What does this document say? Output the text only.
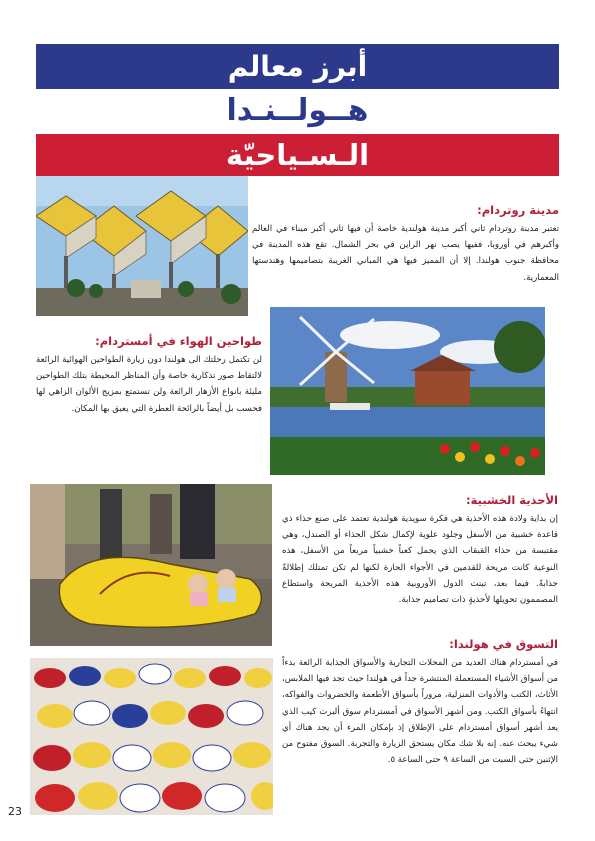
أبرز معالم
هــولــنـدا
الـسـياحيّة
مدينة روتردام:

تعتبر مدينة روتردام ثاني أكبر مدينة هولندية خاصة أن فيها ثاني أكبر ميناء في العالم وأكبرهم في أوروبا، ففيها يصب نهر الراين في بحر الشمال. تقع هذه المدينة في محافظة جنوب هولندا. إلا أن المميز فيها هي المباني الغريبة بتصاميمها وهندستها المعمارية.

طواحين الهواء في أمستردام:

لن تكتمل رحلتك الى هولندا دون زيارة الطواحين الهوائية الرائعة لالتقاط صور تذكارية خاصة وأن المناظر المحيطة بتلك الطواحين مليئة بانواع الأزهار الرائعة ولن تستمتع بمزيج الألوان الزاهي لها فحسب بل أيضاً بالرائحة العطرة التي يعبق بها المكان.

الأحذية الخشبية:

إن بداية ولادة هذه الأحذية هي فكرة سويدية هولندية تعتمد على صنع حذاء ذي قاعدة خشبية من الأسفل وجلود علوية لإكمال شكل الحذاء أو الصندل، وهي مقتبسة من حذاء القبقاب الذي يحمل كعباً خشبياً مربعاً من الأسفل، هذه النوعية كانت مريحة للقدمين في الأجواء الحارة لكنها لم تكن تمتلك إطلالةً جذابةً. فيما بعد، تبنت الدول الأوروبية هذه الأحذية المريحة واستطاع المصممون تحويلها لأحذيةٍ ذات تصاميم جذابة.

التسوق في هولندا:

في أمستردام هناك العديد من المحلات التجارية والأسواق الجذابة الرائعة بدءاً من أسواق الأشياء المستعملة المنتشرة جداً في هولندا حيث تجد فيها الملابس، الأثاث، الكتب والأدوات المنزلية، مروراً بأسواق الأطعمة والخضروات والفواكه، انتهاءً بأسواق الكتب. ومن أشهر الأسواق في أمستردام سوق ألبرت كيب الذي يعد أشهر أسواق أمستردام على الإطلاق إذ بإمكان المرء أن يجد هناك أي شيء يبحث عنه. إنه بلا شك مكان يستحق الزيارة والتجربة. السوق مفتوح من الإثنين حتى السبت من الساعة ٩ حتى الساعة ٥.

23
